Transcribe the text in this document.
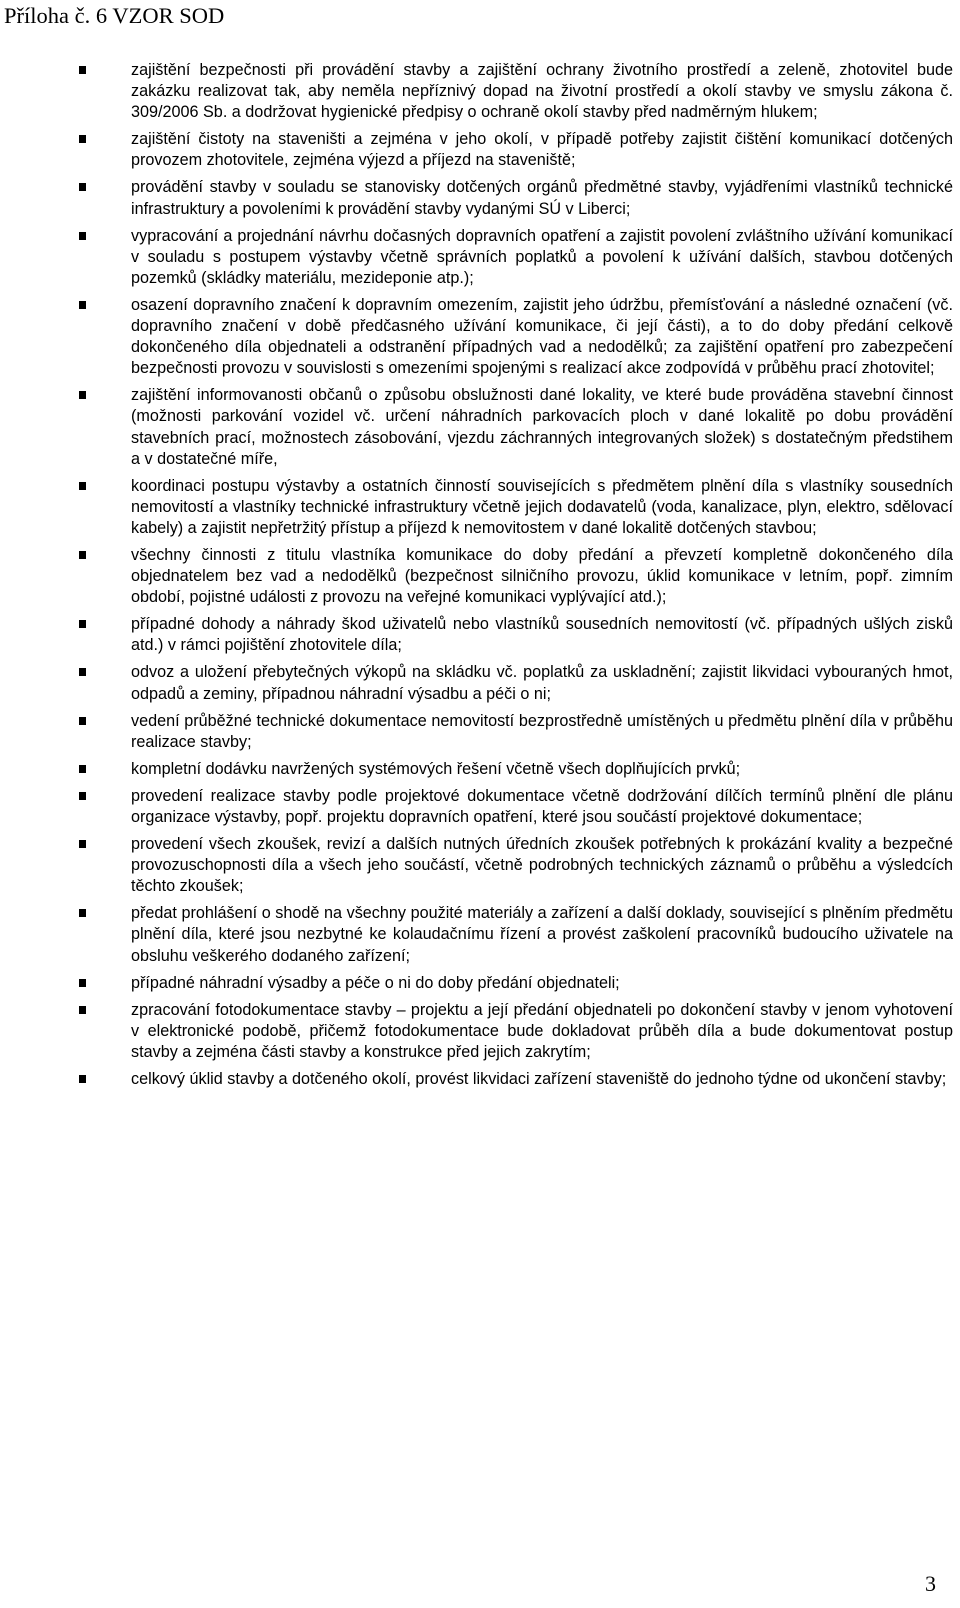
Příloha č. 6 VZOR SOD
zajištění bezpečnosti při provádění stavby a zajištění ochrany životního prostředí a zeleně, zhotovitel bude zakázku realizovat tak, aby neměla nepříznivý dopad na životní prostředí a okolí stavby ve smyslu zákona č. 309/2006 Sb. a dodržovat hygienické předpisy o ochraně okolí stavby před nadměrným hlukem;
zajištění čistoty na staveništi a zejména v jeho okolí, v případě potřeby zajistit čištění komunikací dotčených provozem zhotovitele, zejména výjezd a příjezd na staveniště;
provádění stavby v souladu se stanovisky dotčených orgánů předmětné stavby, vyjádřeními vlastníků technické infrastruktury a povoleními k provádění stavby vydanými SÚ v Liberci;
vypracování a projednání návrhu dočasných dopravních opatření a zajistit povolení zvláštního užívání komunikací v souladu s postupem výstavby včetně správních poplatků a povolení k užívání dalších, stavbou dotčených pozemků (skládky materiálu, mezideponie atp.);
osazení dopravního značení k dopravním omezením, zajistit jeho údržbu, přemísťování a následné označení (vč. dopravního značení v době předčasného užívání komunikace, či její části), a to do doby předání celkově dokončeného díla objednateli a odstranění případných vad a nedodělků; za zajištění opatření pro zabezpečení bezpečnosti provozu v souvislosti s omezeními spojenými s realizací akce zodpovídá v průběhu prací zhotovitel;
zajištění informovanosti občanů o způsobu obslužnosti dané lokality, ve které bude prováděna stavební činnost (možnosti parkování vozidel vč. určení náhradních parkovacích ploch v dané lokalitě po dobu provádění stavebních prací, možnostech zásobování, vjezdu záchranných integrovaných složek) s dostatečným předstihem a v dostatečné míře,
koordinaci postupu výstavby a ostatních činností souvisejících s předmětem plnění díla s vlastníky sousedních nemovitostí a vlastníky technické infrastruktury včetně jejich dodavatelů (voda, kanalizace, plyn, elektro, sdělovací kabely) a zajistit nepřetržitý přístup a příjezd k nemovitostem v dané lokalitě dotčených stavbou;
všechny činnosti z titulu vlastníka komunikace do doby předání a převzetí kompletně dokončeného díla objednatelem bez vad a nedodělků (bezpečnost silničního provozu, úklid komunikace v letním, popř. zimním období, pojistné události z provozu na veřejné komunikaci vyplývající atd.);
případné dohody a náhrady škod uživatelů nebo vlastníků sousedních nemovitostí (vč. případných ušlých zisků atd.) v rámci pojištění zhotovitele díla;
odvoz a uložení přebytečných výkopů na skládku vč. poplatků za uskladnění; zajistit likvidaci vybouraných hmot, odpadů a zeminy, případnou náhradní výsadbu a péči o ni;
vedení průběžné technické dokumentace nemovitostí bezprostředně umístěných u předmětu plnění díla v průběhu realizace stavby;
kompletní dodávku navržených systémových řešení včetně všech doplňujících prvků;
provedení realizace stavby podle projektové dokumentace včetně dodržování dílčích termínů plnění dle plánu organizace výstavby, popř. projektu dopravních opatření, které jsou součástí projektové dokumentace;
provedení všech zkoušek, revizí a dalších nutných úředních zkoušek potřebných k prokázání kvality a bezpečné provozuschopnosti díla a všech jeho součástí, včetně podrobných technických záznamů o průběhu a výsledcích těchto zkoušek;
předat prohlášení o shodě na všechny použité materiály a zařízení a další doklady, související s plněním předmětu plnění díla, které jsou nezbytné ke kolaudačnímu řízení a provést zaškolení pracovníků budoucího uživatele na obsluhu veškerého dodaného zařízení;
případné náhradní výsadby a péče o ni do doby předání objednateli;
zpracování fotodokumentace stavby – projektu a její předání objednateli po dokončení stavby v jenom vyhotovení v elektronické podobě, přičemž fotodokumentace bude dokladovat průběh díla a bude dokumentovat postup stavby a zejména části stavby a konstrukce před jejich zakrytím;
celkový úklid stavby a dotčeného okolí, provést likvidaci zařízení staveniště do jednoho týdne od ukončení stavby;
3
